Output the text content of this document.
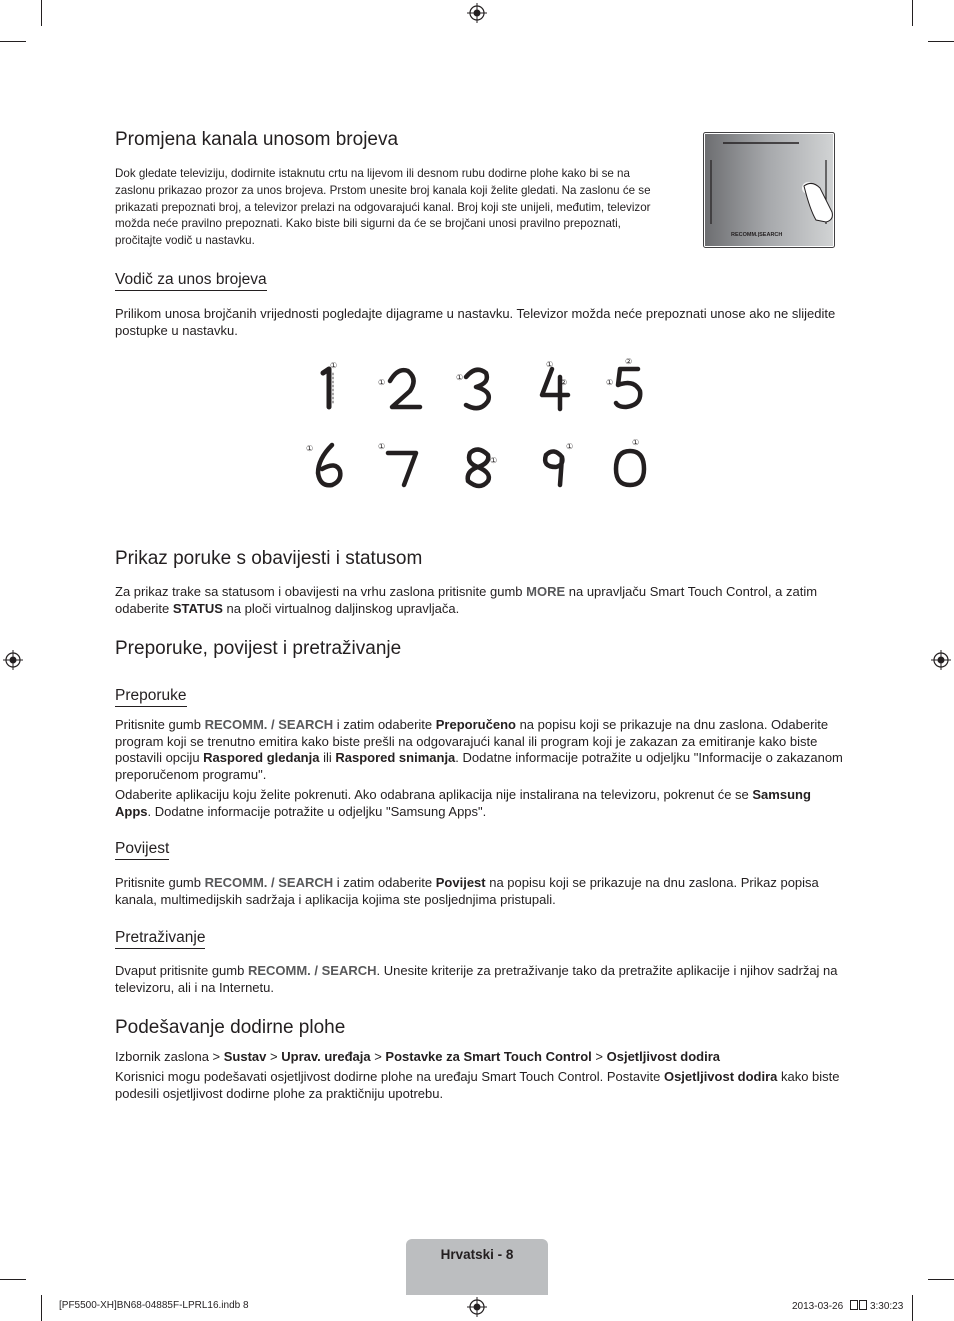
Promjena kanala unosom brojeva

Dok gledate televiziju, dodirnite istaknutu crtu na lijevom ili desnom rubu dodirne plohe kako bi se na zaslonu prikazao prozor za unos brojeva. Prstom unesite broj kanala koji želite gledati. Na zaslonu će se prikazati prepoznati broj, a televizor prelazi na odgovarajući kanal. Broj koji ste unijeli, međutim, televizor možda neće pravilno prepoznati. Kako biste bili sigurni da će se brojčani unosi pravilno prepoznati, pročitajte vodič u nastavku.	RECOMM.|SEARCH
Vodič za unos brojeva

Prilikom unosa brojčanih vrijednosti pogledajte dijagrame u nastavku. Televizor možda neće prepoznati unose ako ne slijedite postupke u nastavku.

①
①
①
①
②	①
②
①	①
①
①	①
Prikaz poruke s obavijesti i statusom

Za prikaz trake sa statusom i obavijesti na vrhu zaslona pritisnite gumb MORE na upravljaču Smart Touch Control, a zatim odaberite STATUS na ploči virtualnog daljinskog upravljača.

Preporuke, povijest i pretraživanje
Preporuke

Pritisnite gumb RECOMM. / SEARCH i zatim odaberite Preporučeno na popisu koji se prikazuje na dnu zaslona. Odaberite program koji se trenutno emitira kako biste prešli na odgovarajući kanal ili program koji je zakazan za emitiranje kako biste postavili opciju Raspored gledanja ili Raspored snimanja. Dodatne informacije potražite u odjeljku "Informacije o zakazanom preporučenom programu".

Odaberite aplikaciju koju želite pokrenuti. Ako odabrana aplikacija nije instalirana na televizoru, pokrenut će se Samsung Apps. Dodatne informacije potražite u odjeljku "Samsung Apps".

Povijest

Pritisnite gumb RECOMM. / SEARCH i zatim odaberite Povijest na popisu koji se prikazuje na dnu zaslona. Prikaz popisa kanala, multimedijskih sadržaja i aplikacija kojima ste posljednjima pristupali.

Pretraživanje

Dvaput pritisnite gumb RECOMM. / SEARCH. Unesite kriterije za pretraživanje tako da pretražite aplikacije i njihov sadržaj na televizoru, ali i na Internetu.

Podešavanje dodirne plohe

Izbornik zaslona > Sustav > Uprav. uređaja > Postavke za Smart Touch Control > Osjetljivost dodira

Korisnici mogu podešavati osjetljivost dodirne plohe na uređaju Smart Touch Control. Postavite Osjetljivost dodira kako biste podesili osjetljivost dodirne plohe za praktičniju upotrebu.

Hrvatski - 8
[PF5500-XH]BN68-04885F-LPRL16.indb 8	2013-03-26	3:30:23
